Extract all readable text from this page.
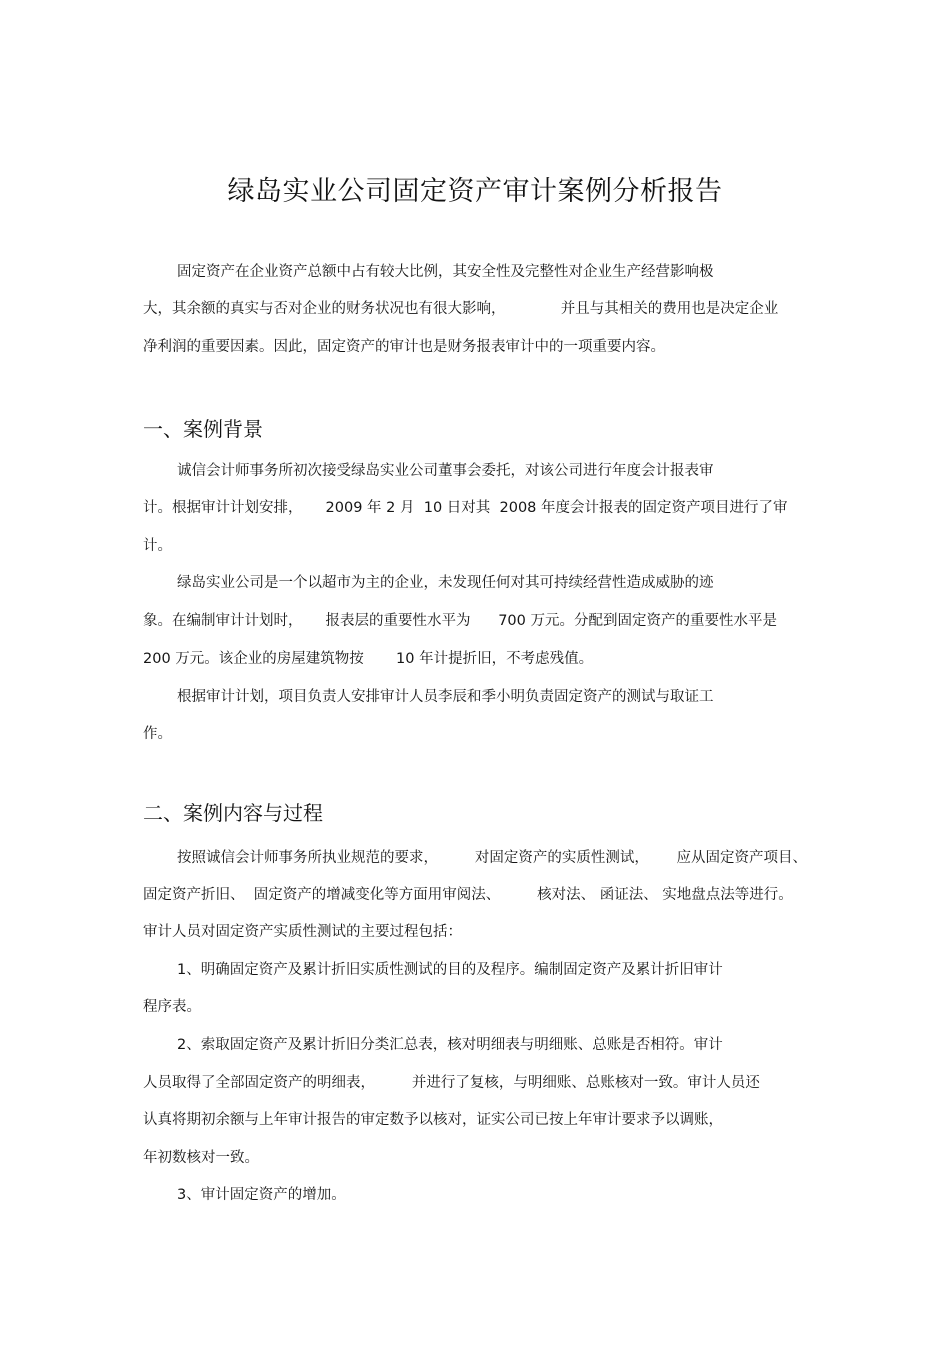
绿岛实业公司固定资产审计案例分析报告
固定资产在企业资产总额中占有较大比例，其安全性及完整性对企业生产经营影响极
大，其余额的真实与否对企业的财务状况也有很大影响，            并且与其相关的费用也是决定企业
净利润的重要因素。因此，固定资产的审计也是财务报表审计中的一项重要内容。
一、案例背景
诚信会计师事务所初次接受绿岛实业公司董事会委托，对该公司进行年度会计报表审
计。根据审计计划安排，     2009 年 2 月  10 日对其  2008 年度会计报表的固定资产项目进行了审
计。
绿岛实业公司是一个以超市为主的企业，未发现任何对其可持续经营性造成威胁的迹
象。在编制审计计划时，     报表层的重要性水平为      700 万元。分配到固定资产的重要性水平是
200 万元。该企业的房屋建筑物按       10 年计提折旧，不考虑残值。
根据审计计划，项目负责人安排审计人员李辰和季小明负责固定资产的测试与取证工
作。
二、案例内容与过程
按照诚信会计师事务所执业规范的要求，        对固定资产的实质性测试，      应从固定资产项目、
固定资产折旧、  固定资产的增减变化等方面用审阅法、        核对法、 函证法、 实地盘点法等进行。
审计人员对固定资产实质性测试的主要过程包括：
1、明确固定资产及累计折旧实质性测试的目的及程序。编制固定资产及累计折旧审计
程序表。
2、索取固定资产及累计折旧分类汇总表，核对明细表与明细账、总账是否相符。审计
人员取得了全部固定资产的明细表，        并进行了复核，与明细账、总账核对一致。审计人员还
认真将期初余额与上年审计报告的审定数予以核对，证实公司已按上年审计要求予以调账，
年初数核对一致。
3、审计固定资产的增加。
